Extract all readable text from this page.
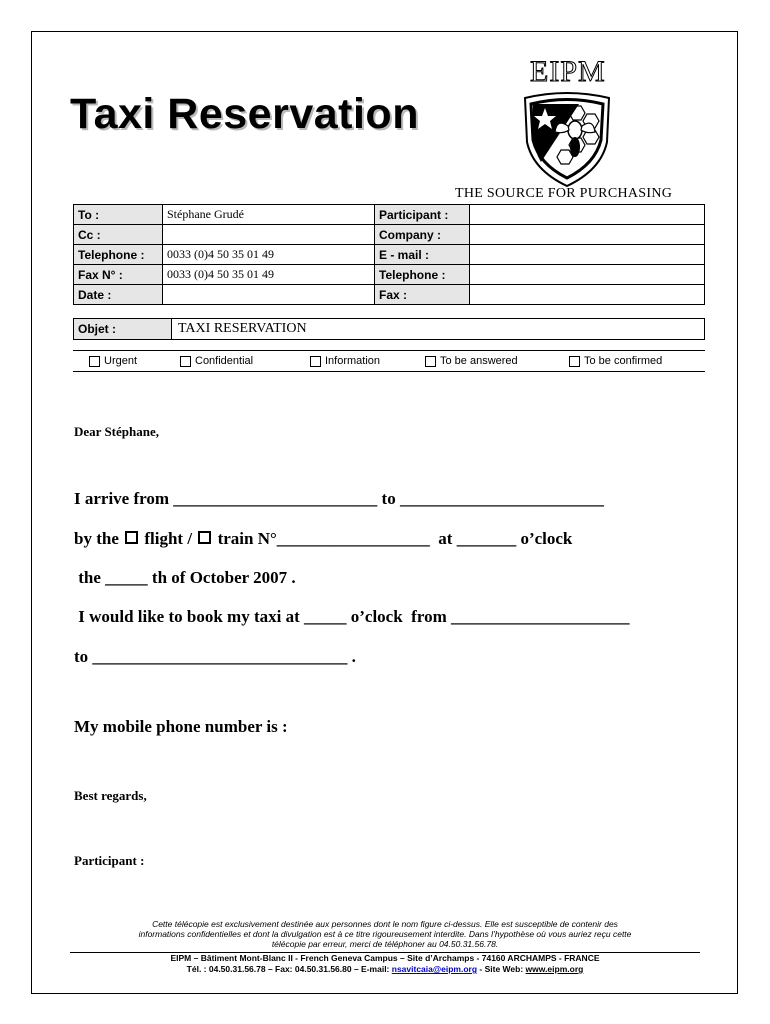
Taxi Reservation
EIPM
THE SOURCE FOR PURCHASING
To :	Stéphane Grudé	Participant :	
Cc :		Company :	
Telephone :	0033 (0)4 50 35 01 49	E - mail :	
Fax N° :	0033 (0)4 50 35 01 49	Telephone :	
Date :		Fax :	
Objet :	TAXI RESERVATION
Urgent	Confidential	Information	To be answered	To be confirmed
Dear Stéphane,
I arrive from ________________________ to ________________________
by the  flight /  train N°__________________  at _______ o’clock
the _____ th of October 2007 .
I would like to book my taxi at _____ o’clock  from _____________________
to ______________________________ .
My mobile phone number is :
Best regards,
Participant :
Cette télécopie est exclusivement destinée aux personnes dont le nom figure ci-dessus. Elle est susceptible de contenir des
informations confidentielles et dont la divulgation est à ce titre rigoureusement interdite. Dans l’hypothèse où vous auriez reçu cette
télécopie par erreur, merci de téléphoner au 04.50.31.56.78.
EIPM – Bâtiment Mont-Blanc II - French Geneva Campus – Site d’Archamps - 74160 ARCHAMPS - FRANCE
Tél. : 04.50.31.56.78 – Fax: 04.50.31.56.80 – E-mail: nsavitcaia@eipm.org - Site Web: www.eipm.org
